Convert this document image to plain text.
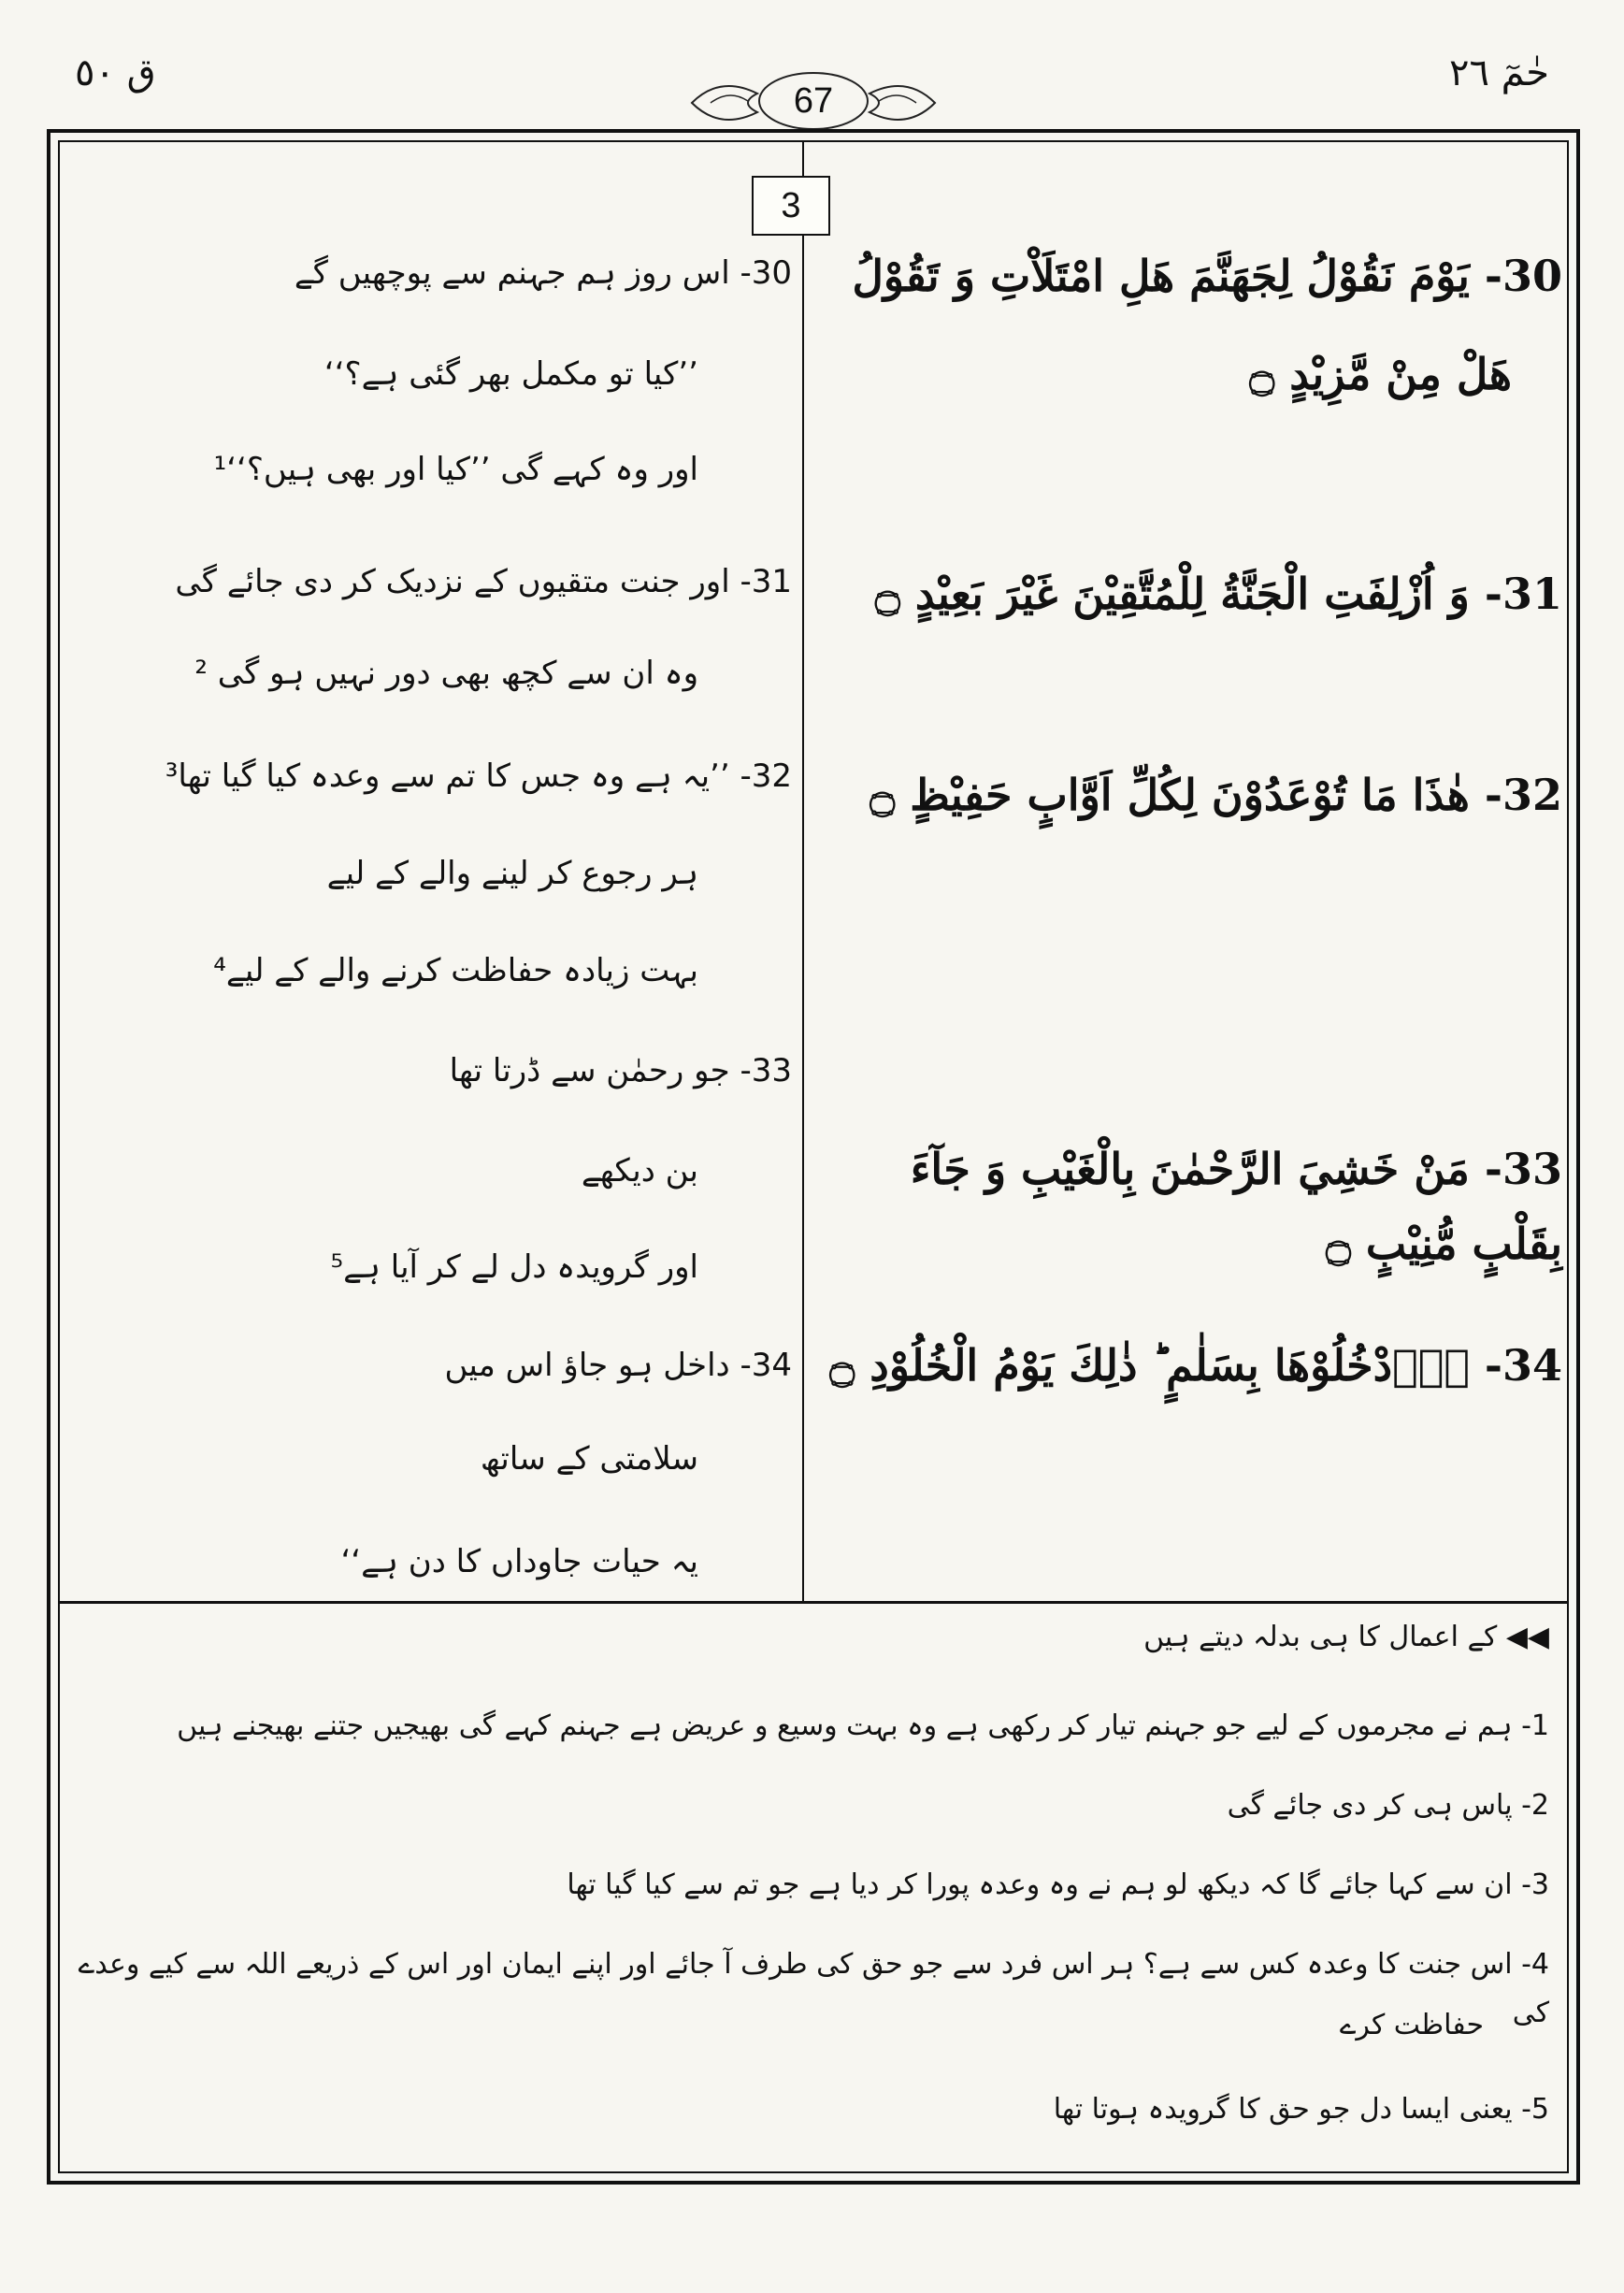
حٰمٓ ٢٦
67
ق ٥٠
3
30- يَوْمَ نَقُوْلُ لِجَهَنَّمَ هَلِ امْتَلَاْتِ وَ تَقُوْلُ
هَلْ مِنْ مَّزِيْدٍ ۝
31- وَ اُزْلِفَتِ الْجَنَّةُ لِلْمُتَّقِيْنَ غَيْرَ بَعِيْدٍ ۝
32- هٰذَا مَا تُوْعَدُوْنَ لِكُلِّ اَوَّابٍ حَفِيْظٍ ۝
33- مَنْ خَشِيَ الرَّحْمٰنَ بِالْغَيْبِ وَ جَآءَ بِقَلْبٍ مُّنِيْبٍ ۝
34- اِۨدْخُلُوْهَا بِسَلٰمٍ ؕ ذٰلِكَ يَوْمُ الْخُلُوْدِ ۝
30- اس روز ہم جہنم سے پوچھیں گے
’’کیا تو مکمل بھر گئی ہے؟‘‘
اور وہ کہے گی ’’کیا اور بھی ہیں؟‘‘¹
31- اور جنت متقیوں کے نزدیک کر دی جائے گی
وہ ان سے کچھ بھی دور نہیں ہو گی ²
32- ’’یہ ہے وہ جس کا تم سے وعدہ کیا گیا تھا³
ہر رجوع کر لینے والے کے لیے
بہت زیادہ حفاظت کرنے والے کے لیے⁴
33- جو رحمٰن سے ڈرتا تھا
بن دیکھے
اور گرویدہ دل لے کر آیا ہے⁵
34- داخل ہو جاؤ اس میں
سلامتی کے ساتھ
یہ حیات جاوداں کا دن ہے‘‘
◀◀ کے اعمال کا ہی بدلہ دیتے ہیں
1- ہم نے مجرموں کے لیے جو جہنم تیار کر رکھی ہے وہ بہت وسیع و عریض ہے جہنم کہے گی بھیجیں جتنے بھیجنے ہیں
2- پاس ہی کر دی جائے گی
3- ان سے کہا جائے گا کہ دیکھ لو ہم نے وہ وعدہ پورا کر دیا ہے جو تم سے کیا گیا تھا
4- اس جنت کا وعدہ کس سے ہے؟ ہر اس فرد سے جو حق کی طرف آ جائے اور اپنے ایمان اور اس کے ذریعے اللہ سے کیے وعدے کی
حفاظت کرے
5- یعنی ایسا دل جو حق کا گرویدہ ہوتا تھا
